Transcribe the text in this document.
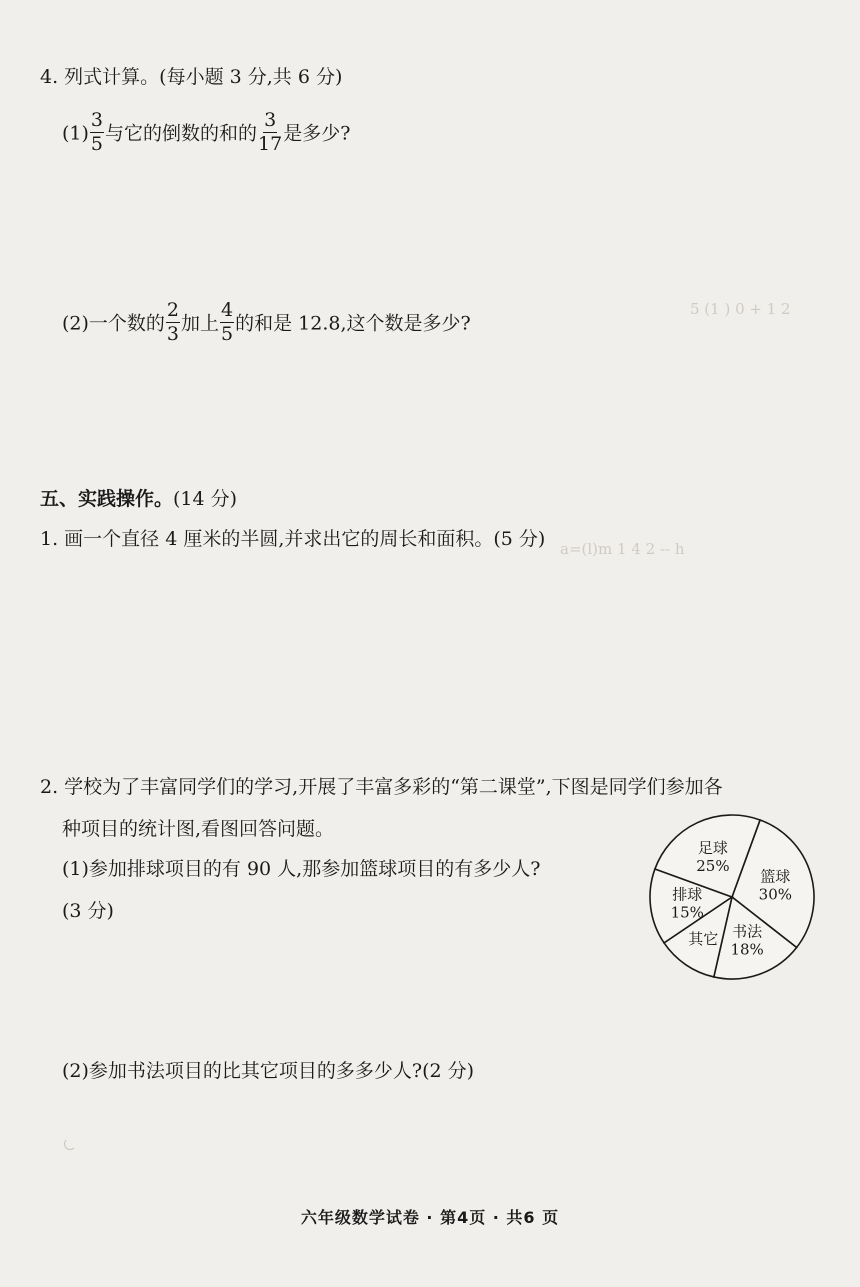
a=(l)m 1 4 2 -- h
5 (1 ) 0 + 1 2
4. 列式计算。(每小题 3 分,共 6 分)
$(1) \frac{3}{5}$ 与它的倒数的和的 $\frac{3}{17}$ 是多少?
(2)一个数的 $\frac{2}{3}$ 加上 $\frac{4}{5}$ 的和是 12.8,这个数是多少?
五、实践操作。(14 分)
1. 画一个直径 4 厘米的半圆,并求出它的周长和面积。(5 分)
2. 学校为了丰富同学们的学习,开展了丰富多彩的“第二课堂”,下图是同学们参加各
种项目的统计图,看图回答问题。
(1)参加排球项目的有 90 人,那参加篮球项目的有多少人?
(3 分)
(2)参加书法项目的比其它项目的多多少人?(2 分)
篮球
30%
书法
18%
其它
排球
15%
足球
25%
六年级数学试卷 · 第4页 · 共6 页
